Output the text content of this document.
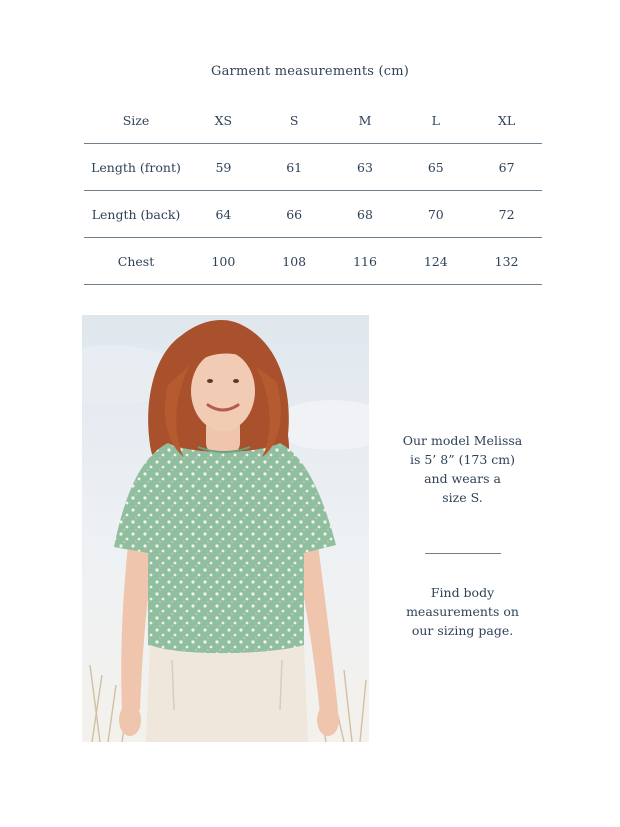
Garment measurements (cm)
Size	XS	S	M	L	XL
Length (front)	59	61	63	65	67
Length (back)	64	66	68	70	72
Chest	100	108	116	124	132
Our model Melissa
is 5’ 8” (173 cm)
and wears a
size S.
Find body
measurements on
our sizing page.
